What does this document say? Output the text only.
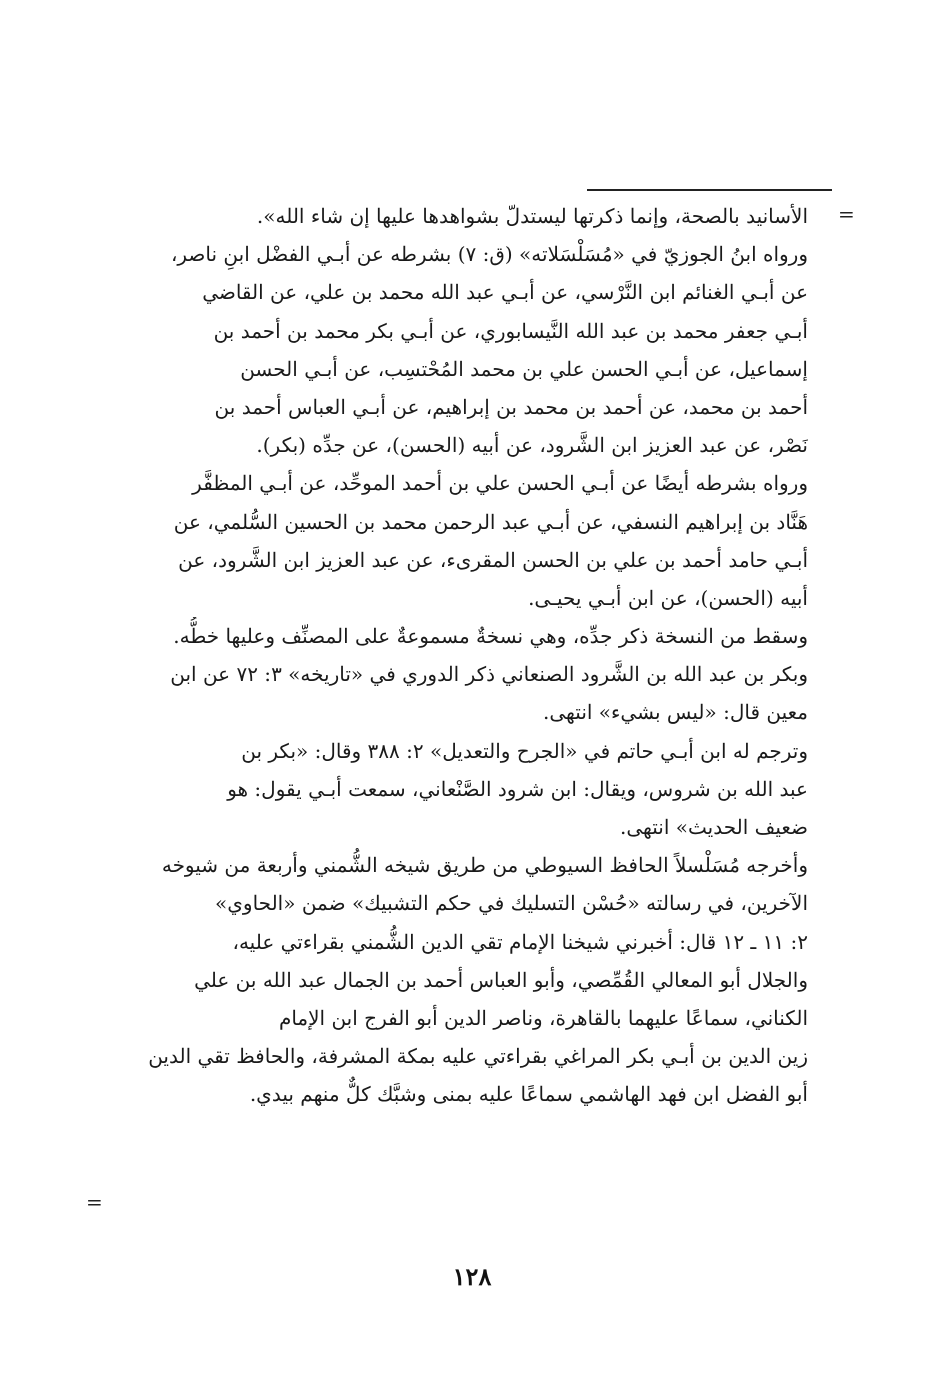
=
الأسانيد بالصحة، وإنما ذكرتها ليستدلّ بشواهدها عليها إن شاء الله».
ورواه ابنُ الجوزيّ في «مُسَلْسَلاته» (ق: ٧) بشرطه عن أبـي الفضْل ابنِ ناصر،
عن أبـي الغنائم ابن النَّرْسي، عن أبـي عبد الله محمد بن علي، عن القاضي
أبـي جعفر محمد بن عبد الله النَّيسابوري، عن أبـي بكر محمد بن أحمد بن
إسماعيل، عن أبـي الحسن علي بن محمد المُحْتسِب، عن أبـي الحسن
أحمد بن محمد، عن أحمد بن محمد بن إبراهيم، عن أبـي العباس أحمد بن
نَصْر، عن عبد العزيز ابن الشَّرود، عن أبيه (الحسن)، عن جدِّه (بكر).
ورواه بشرطه أيضًا عن أبـي الحسن علي بن أحمد الموحِّد، عن أبـي المظفَّر
هَنَّاد بن إبراهيم النسفي، عن أبـي عبد الرحمن محمد بن الحسين السُّلمي، عن
أبـي حامد أحمد بن علي بن الحسن المقرىء، عن عبد العزيز ابن الشَّرود، عن
أبيه (الحسن)، عن ابن أبـي يحيـى.
وسقط من النسخة ذكر جدِّه، وهي نسخةٌ مسموعةٌ على المصنِّف وعليها خطُّه.
وبكر بن عبد الله بن الشَّرود الصنعاني ذكر الدوري في «تاريخه» ٣: ٧٢ عن ابن
معين قال: «ليس بشيء» انتهى.
وترجم له ابن أبـي حاتم في «الجرح والتعديل» ٢: ٣٨٨ وقال: «بكر بن
عبد الله بن شروس، ويقال: ابن شرود الصَّنْعاني، سمعت أبـي يقول: هو
ضعيف الحديث» انتهى.
وأخرجه مُسَلْسلاً الحافظ السيوطي من طريق شيخه الشُّمني وأربعة من شيوخه
الآخرين، في رسالته «حُسْن التسليك في حكم التشبيك» ضمن «الحاوي»
٢: ١١ ـ ١٢ قال: أخبرني شيخنا الإمام تقي الدين الشُّمني بقراءتي عليه،
والجلال أبو المعالي القُمِّصي، وأبو العباس أحمد بن الجمال عبد الله بن علي
الكناني، سماعًا عليهما بالقاهرة، وناصر الدين أبو الفرج ابن الإمام
زين الدين بن أبـي بكر المراغي بقراءتي عليه بمكة المشرفة، والحافظ تقي الدين
أبو الفضل ابن فهد الهاشمي سماعًا عليه بمنى وشبَّك كلٌّ منهم بيدي.
=
١٢٨
